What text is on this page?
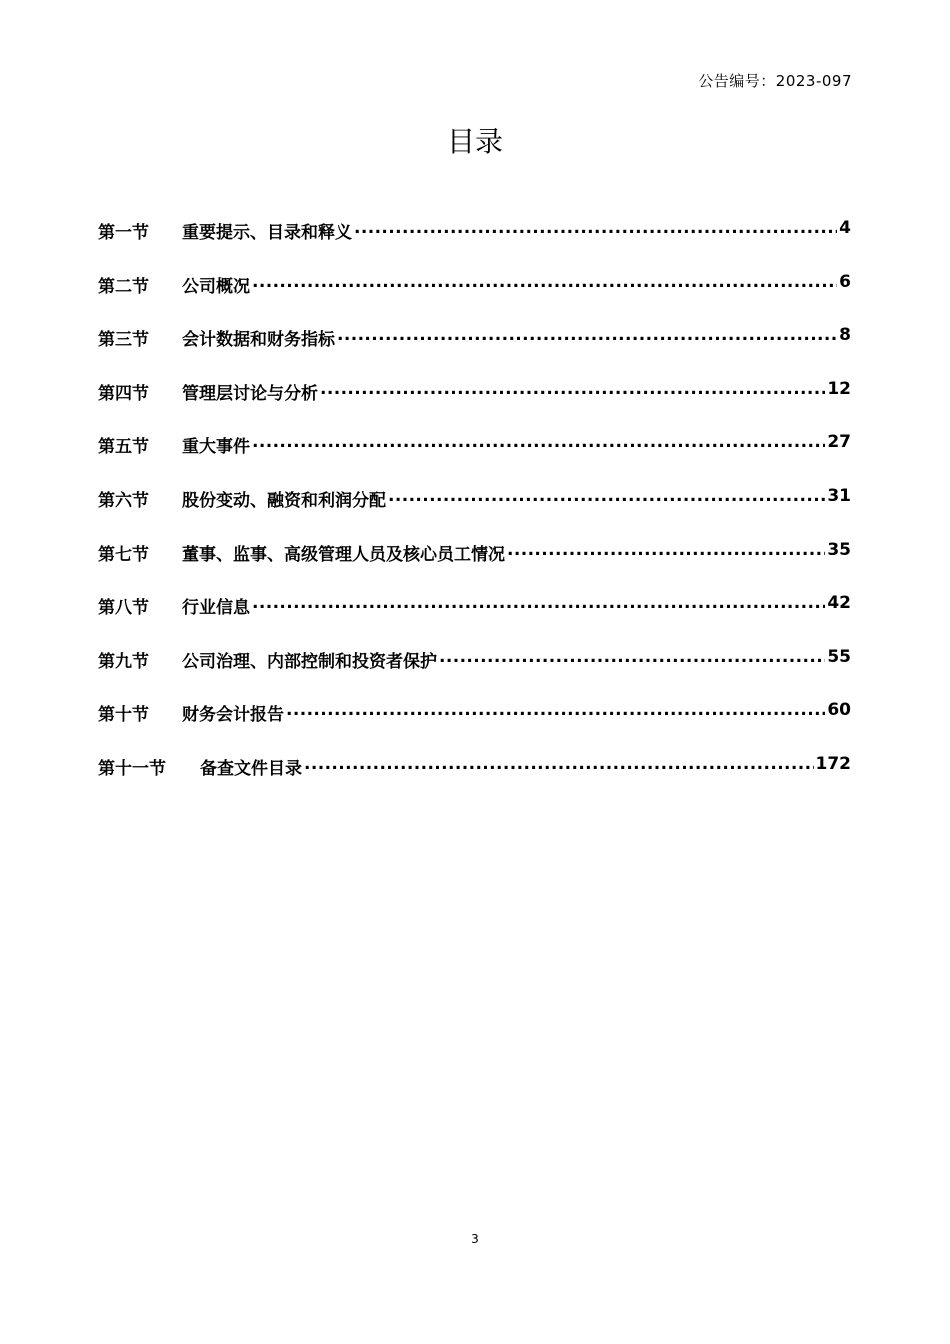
公告编号：2023-097
目录
第一节	重要提示、目录和释义 .....	4
第二节	公司概况 .....	6
第三节	会计数据和财务指标 .....	8
第四节	管理层讨论与分析 .....	12
第五节	重大事件 .....	27
第六节	股份变动、融资和利润分配 .....	31
第七节	董事、监事、高级管理人员及核心员工情况 .....	35
第八节	行业信息 .....	42
第九节	公司治理、内部控制和投资者保护 .....	55
第十节	财务会计报告 .....	60
第十一节	备查文件目录 .....	172
3
